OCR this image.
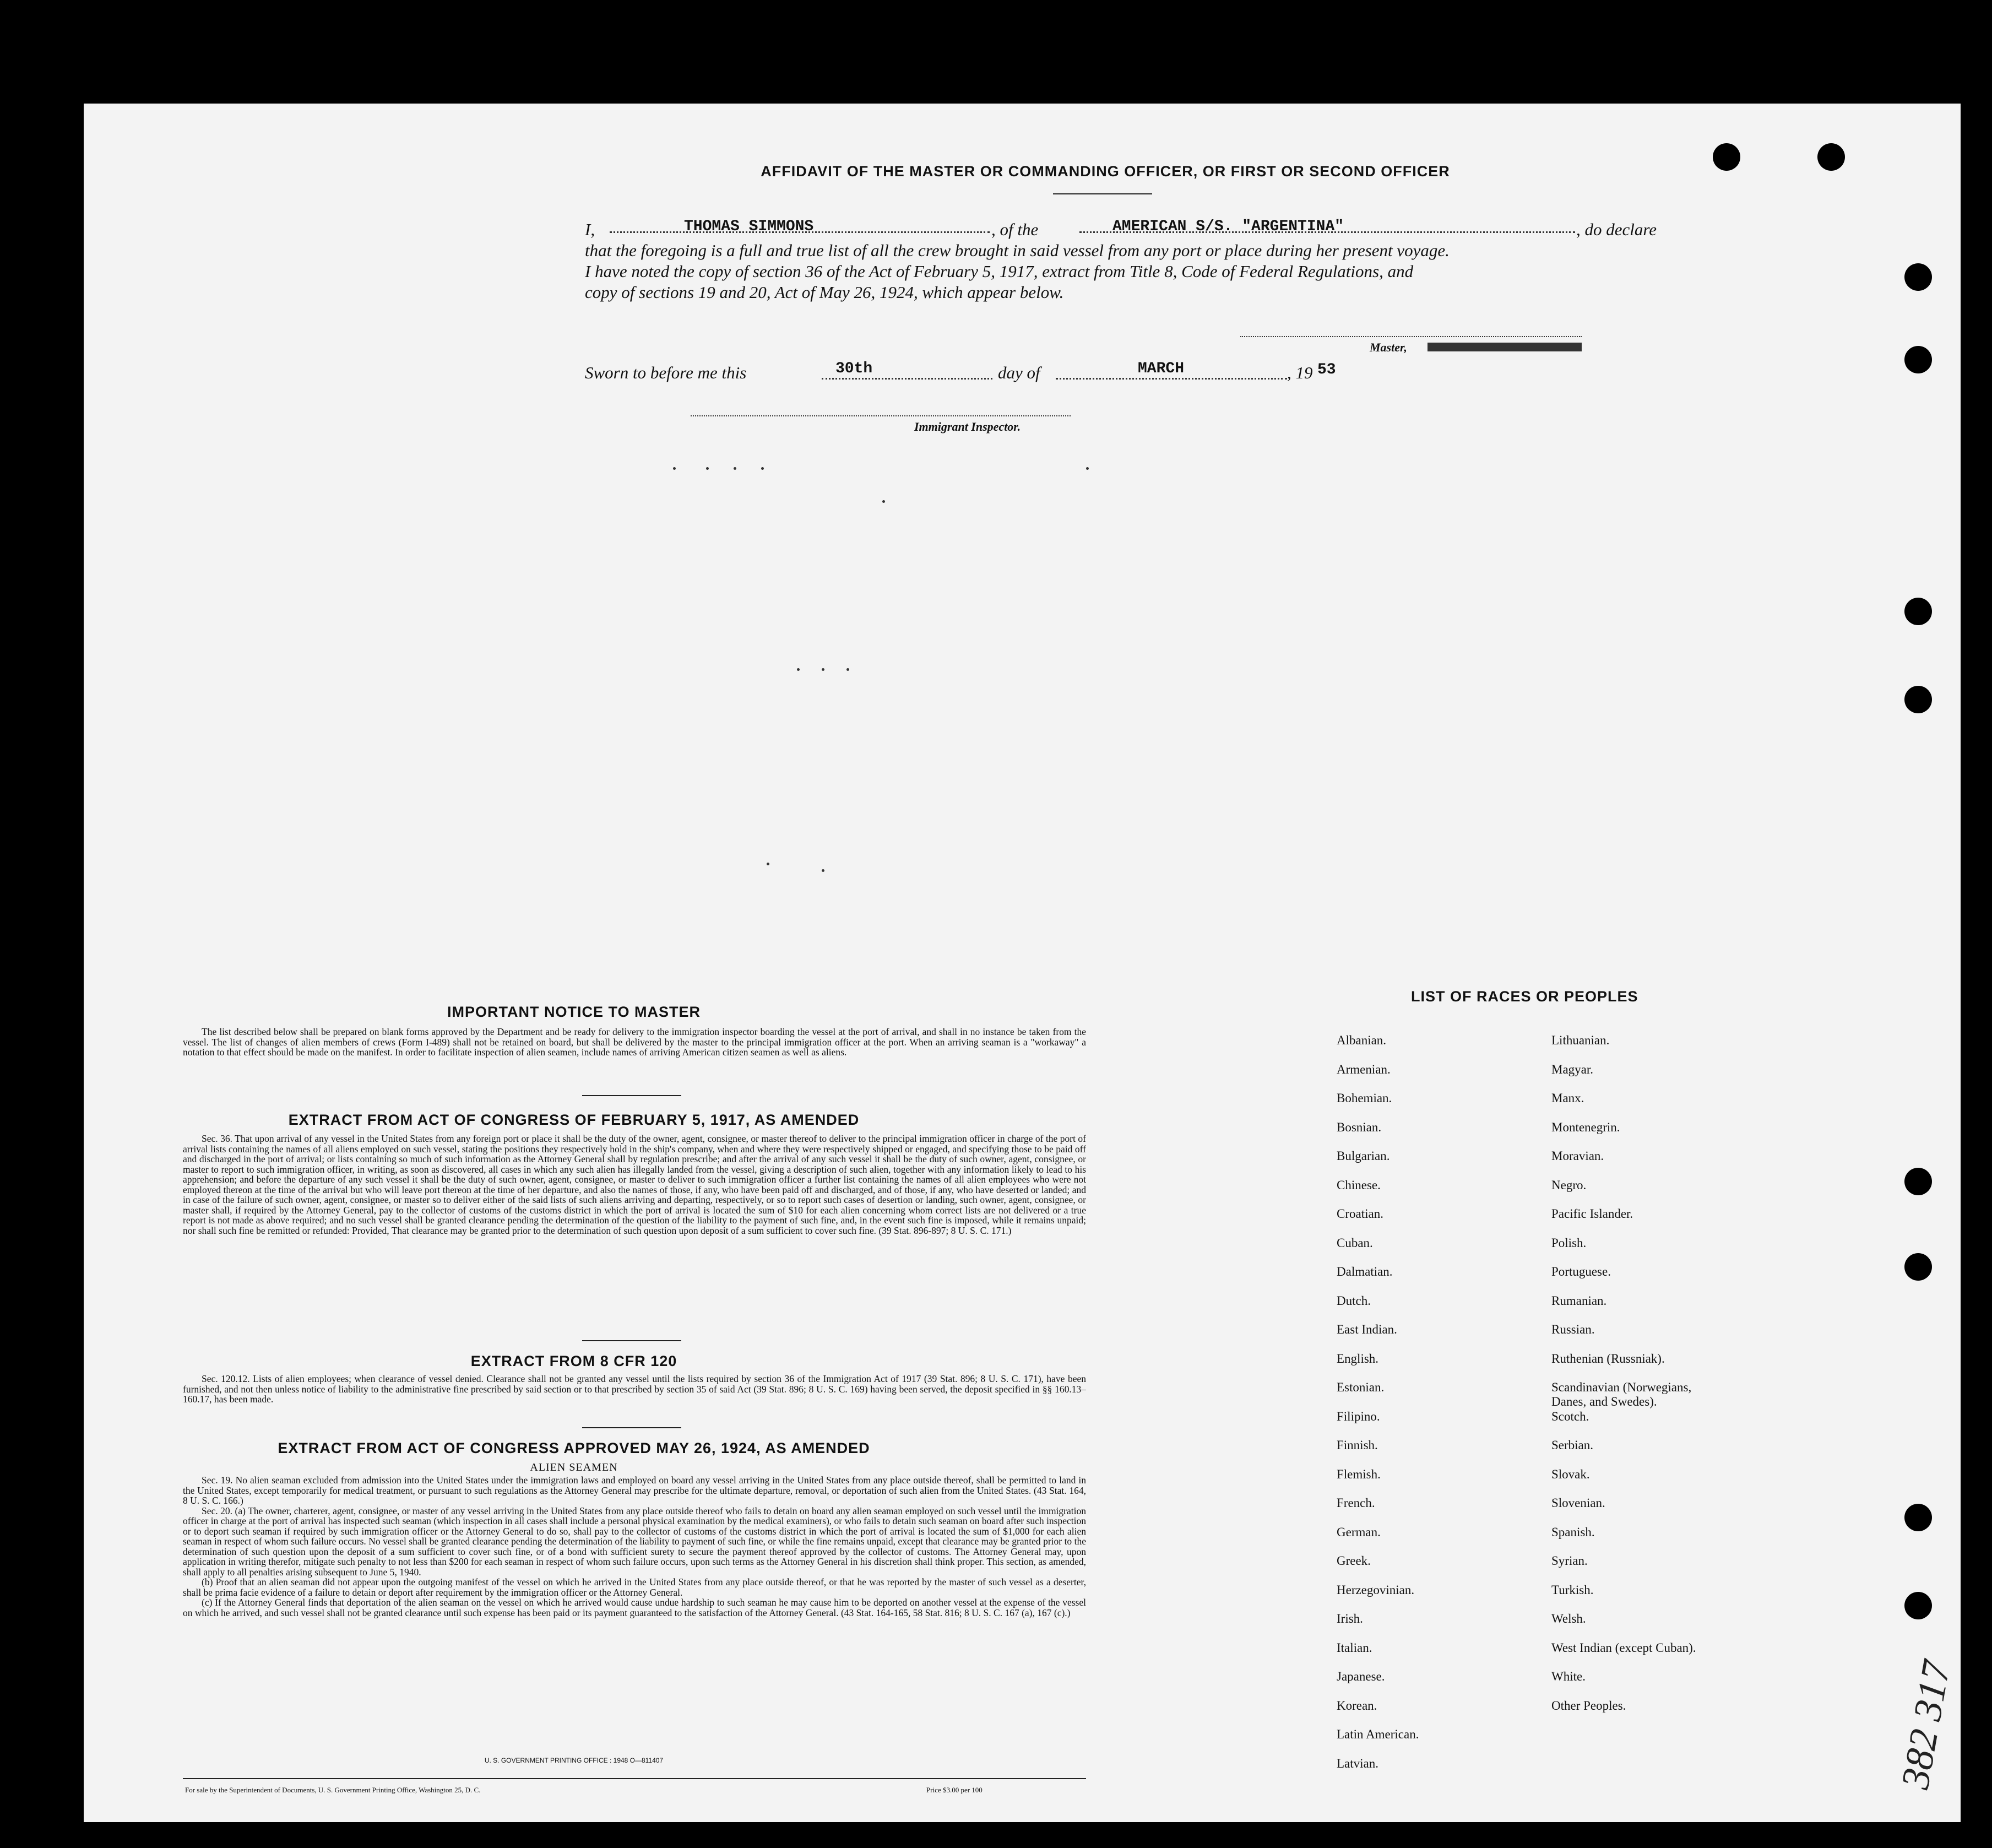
AFFIDAVIT OF THE MASTER OR COMMANDING OFFICER, OR FIRST OR SECOND OFFICER
I,	THOMAS SIMMONS	, of the	AMERICAN S/S. "ARGENTINA"	, do declare
that the foregoing is a full and true list of all the crew brought in said vessel from any port or place during her present voyage.
I have noted the copy of section 36 of the Act of February 5, 1917, extract from Title 8, Code of Federal Regulations, and
copy of sections 19 and 20, Act of May 26, 1924, which appear below.
Master,
Sworn to before me this	30th	day of	MARCH	, 19 53
Immigrant Inspector.
IMPORTANT NOTICE TO MASTER

The list described below shall be prepared on blank forms approved by the Department and be ready for delivery to the immigration inspector boarding the vessel at the port of arrival, and shall in no instance be taken from the vessel. The list of changes of alien members of crews (Form I-489) shall not be retained on board, but shall be delivered by the master to the principal immigration officer at the port. When an arriving seaman is a "workaway" a notation to that effect should be made on the manifest. In order to facilitate inspection of alien seamen, include names of arriving American citizen seamen as well as aliens.

EXTRACT FROM ACT OF CONGRESS OF FEBRUARY 5, 1917, AS AMENDED

Sec. 36. That upon arrival of any vessel in the United States from any foreign port or place it shall be the duty of the owner, agent, consignee, or master thereof to deliver to the principal immigration officer in charge of the port of arrival lists containing the names of all aliens employed on such vessel, stating the positions they respectively hold in the ship's company, when and where they were respectively shipped or engaged, and specifying those to be paid off and discharged in the port of arrival; or lists containing so much of such information as the Attorney General shall by regulation prescribe; and after the arrival of any such vessel it shall be the duty of such owner, agent, consignee, or master to report to such immigration officer, in writing, as soon as discovered, all cases in which any such alien has illegally landed from the vessel, giving a description of such alien, together with any information likely to lead to his apprehension; and before the departure of any such vessel it shall be the duty of such owner, agent, consignee, or master to deliver to such immigration officer a further list containing the names of all alien employees who were not employed thereon at the time of the arrival but who will leave port thereon at the time of her departure, and also the names of those, if any, who have been paid off and discharged, and of those, if any, who have deserted or landed; and in case of the failure of such owner, agent, consignee, or master so to deliver either of the said lists of such aliens arriving and departing, respectively, or so to report such cases of desertion or landing, such owner, agent, consignee, or master shall, if required by the Attorney General, pay to the collector of customs of the customs district in which the port of arrival is located the sum of $10 for each alien concerning whom correct lists are not delivered or a true report is not made as above required; and no such vessel shall be granted clearance pending the determination of the question of the liability to the payment of such fine, and, in the event such fine is imposed, while it remains unpaid; nor shall such fine be remitted or refunded: Provided, That clearance may be granted prior to the determination of such question upon deposit of a sum sufficient to cover such fine. (39 Stat. 896-897; 8 U. S. C. 171.)

EXTRACT FROM 8 CFR 120

Sec. 120.12. Lists of alien employees; when clearance of vessel denied. Clearance shall not be granted any vessel until the lists required by section 36 of the Immigration Act of 1917 (39 Stat. 896; 8 U. S. C. 171), have been furnished, and not then unless notice of liability to the administrative fine prescribed by said section or to that prescribed by section 35 of said Act (39 Stat. 896; 8 U. S. C. 169) having been served, the deposit specified in §§ 160.13–160.17, has been made.

EXTRACT FROM ACT OF CONGRESS APPROVED MAY 26, 1924, AS AMENDED
ALIEN SEAMEN

Sec. 19. No alien seaman excluded from admission into the United States under the immigration laws and employed on board any vessel arriving in the United States from any place outside thereof, shall be permitted to land in the United States, except temporarily for medical treatment, or pursuant to such regulations as the Attorney General may prescribe for the ultimate departure, removal, or deportation of such alien from the United States. (43 Stat. 164, 8 U. S. C. 166.)

Sec. 20. (a) The owner, charterer, agent, consignee, or master of any vessel arriving in the United States from any place outside thereof who fails to detain on board any alien seaman employed on such vessel until the immigration officer in charge at the port of arrival has inspected such seaman (which inspection in all cases shall include a personal physical examination by the medical examiners), or who fails to detain such seaman on board after such inspection or to deport such seaman if required by such immigration officer or the Attorney General to do so, shall pay to the collector of customs of the customs district in which the port of arrival is located the sum of $1,000 for each alien seaman in respect of whom such failure occurs. No vessel shall be granted clearance pending the determination of the liability to payment of such fine, or while the fine remains unpaid, except that clearance may be granted prior to the determination of such question upon the deposit of a sum sufficient to cover such fine, or of a bond with sufficient surety to secure the payment thereof approved by the collector of customs. The Attorney General may, upon application in writing therefor, mitigate such penalty to not less than $200 for each seaman in respect of whom such failure occurs, upon such terms as the Attorney General in his discretion shall think proper. This section, as amended, shall apply to all penalties arising subsequent to June 5, 1940.

(b) Proof that an alien seaman did not appear upon the outgoing manifest of the vessel on which he arrived in the United States from any place outside thereof, or that he was reported by the master of such vessel as a deserter, shall be prima facie evidence of a failure to detain or deport after requirement by the immigration officer or the Attorney General.

(c) If the Attorney General finds that deportation of the alien seaman on the vessel on which he arrived would cause undue hardship to such seaman he may cause him to be deported on another vessel at the expense of the vessel on which he arrived, and such vessel shall not be granted clearance until such expense has been paid or its payment guaranteed to the satisfaction of the Attorney General. (43 Stat. 164-165, 58 Stat. 816; 8 U. S. C. 167 (a), 167 (c).)

U. S. GOVERNMENT PRINTING OFFICE : 1948 O—811407
For sale by the Superintendent of Documents, U. S. Government Printing Office, Washington 25, D. C.	Price $3.00 per 100
LIST OF RACES OR PEOPLES
Albanian.
Armenian.
Bohemian.
Bosnian.
Bulgarian.
Chinese.
Croatian.
Cuban.
Dalmatian.
Dutch.
East Indian.
English.
Estonian.
Filipino.
Finnish.
Flemish.
French.
German.
Greek.
Herzegovinian.
Irish.
Italian.
Japanese.
Korean.
Latin American.
Latvian.
Lithuanian.
Magyar.
Manx.
Montenegrin.
Moravian.
Negro.
Pacific Islander.
Polish.
Portuguese.
Rumanian.
Russian.
Ruthenian (Russniak).
Scandinavian (Norwegians,
Danes, and Swedes).
Scotch.
Serbian.
Slovak.
Slovenian.
Spanish.
Syrian.
Turkish.
Welsh.
West Indian (except Cuban).
White.
Other Peoples.	382 317
